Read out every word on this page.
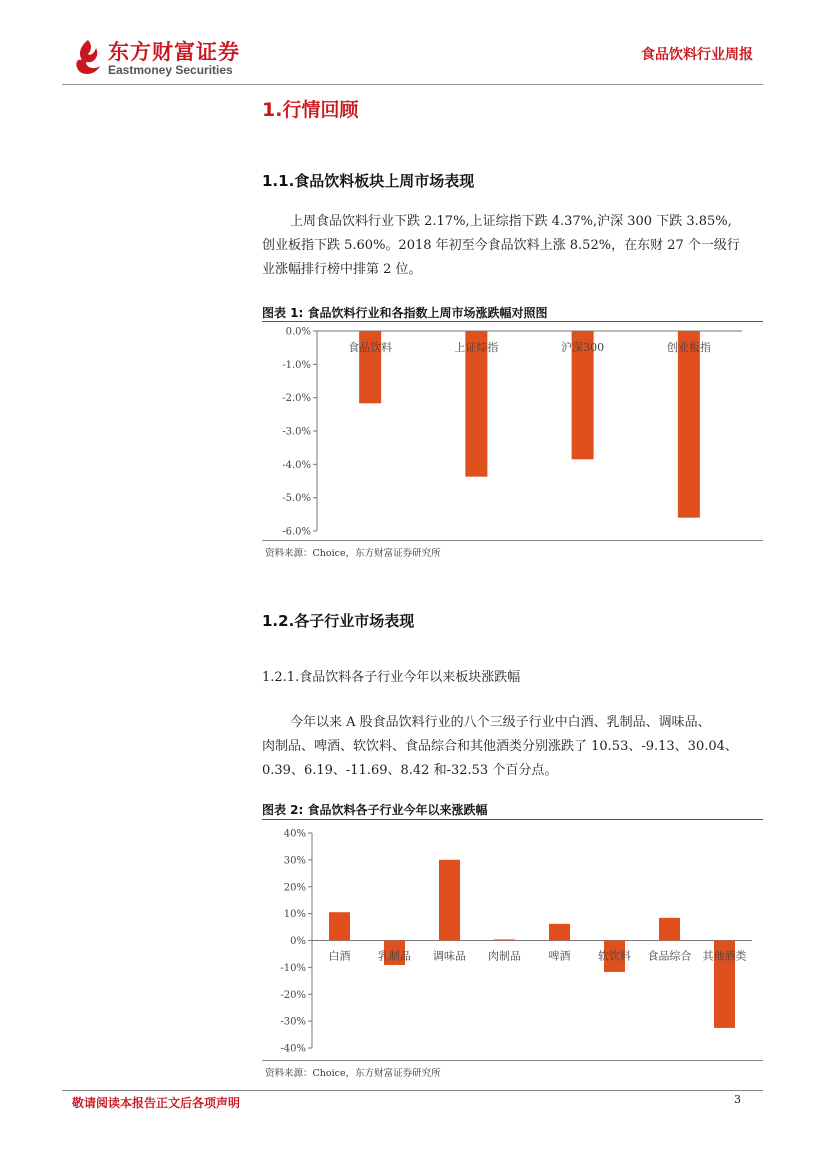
东方财富证券
Eastmoney Securities
食品饮料行业周报
1.行情回顾
1.1.食品饮料板块上周市场表现
上周食品饮料行业下跌 2.17%,上证综指下跌 4.37%,沪深 300 下跌 3.85%,
创业板指下跌 5.60%。2018 年初至今食品饮料上涨 8.52%，在东财 27 个一级行
业涨幅排行榜中排第 2 位。
图表 1: 食品饮料行业和各指数上周市场涨跌幅对照图
0.0%
-1.0%
-2.0%
-3.0%
-4.0%
-5.0%
-6.0%
食品饮料	上证综指	沪深300	创业板指
资料来源：Choice，东方财富证券研究所
1.2.各子行业市场表现
1.2.1.食品饮料各子行业今年以来板块涨跌幅
今年以来 A 股食品饮料行业的八个三级子行业中白酒、乳制品、调味品、
肉制品、啤酒、软饮料、食品综合和其他酒类分别涨跌了 10.53、-9.13、30.04、
0.39、6.19、-11.69、8.42 和-32.53 个百分点。
图表 2: 食品饮料各子行业今年以来涨跌幅
40%
30%
20%
10%
0%
-10%
-20%
-30%
-40%
白酒	乳制品 调味品 肉制品	啤酒	软饮料 食品综合 其他酒类
资料来源：Choice，东方财富证券研究所
敬请阅读本报告正文后各项声明	3
